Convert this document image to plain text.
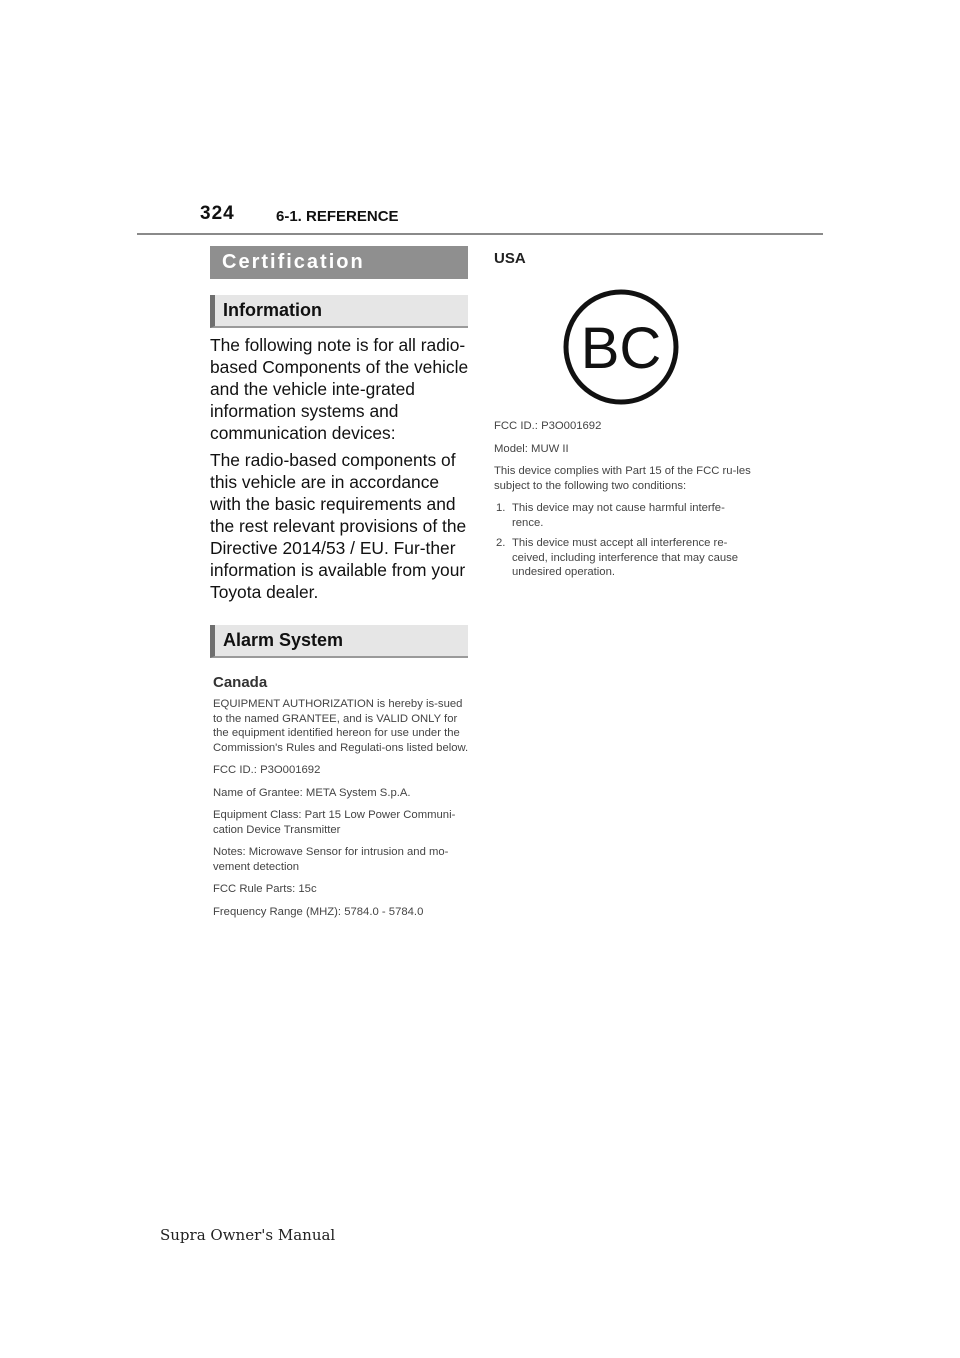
324	6-1. REFERENCE
Certification
Information
The following note is for all radio-based Components of the vehicle and the vehicle inte-grated information systems and communication devices:
The radio-based components of this vehicle are in accordance with the basic requirements and the rest relevant provisions of the Directive 2014/53 / EU. Fur-ther information is available from your Toyota dealer.
Alarm System
Canada

EQUIPMENT AUTHORIZATION is hereby is-sued to the named GRANTEE, and is VALID ONLY for the equipment identified hereon for use under the Commission's Rules and Regulati-ons listed below.

FCC ID.: P3O001692

Name of Grantee: META System S.p.A.

Equipment Class: Part 15 Low Power Communi-cation Device Transmitter

Notes: Microwave Sensor for intrusion and mo-vement detection

FCC Rule Parts: 15c

Frequency Range (MHZ): 5784.0 - 5784.0

USA
BC

FCC ID.: P3O001692

Model: MUW II

This device complies with Part 15 of the FCC ru-les subject to the following two conditions:

1. This device may not cause harmful interfe-rence.
2. This device must accept all interference re-ceived, including interference that may cause undesired operation.
Supra Owner's Manual
